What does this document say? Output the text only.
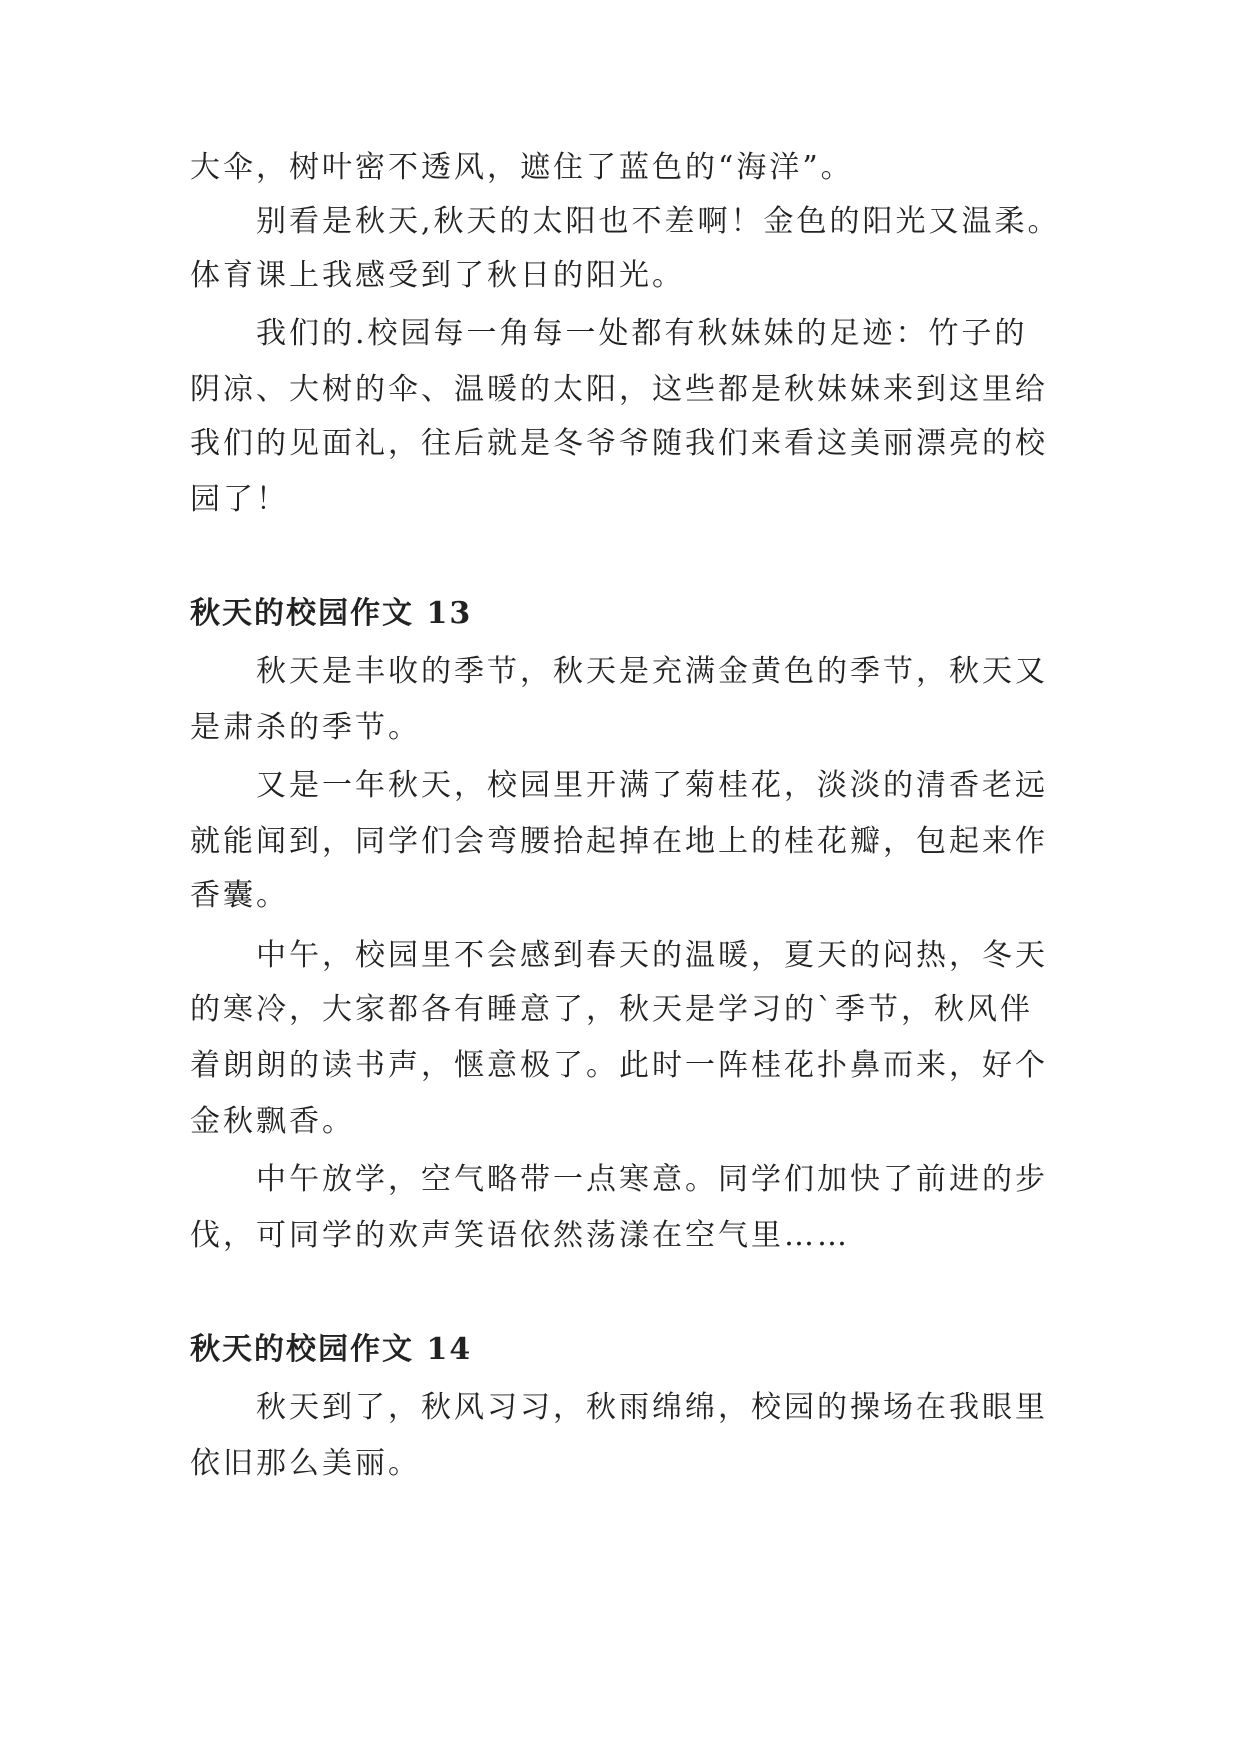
大伞，树叶密不透风，遮住了蓝色的“海洋”。

别看是秋天,秋天的太阳也不差啊！金色的阳光又温柔。

体育课上我感受到了秋日的阳光。

我们的.校园每一角每一处都有秋妹妹的足迹：竹子的

阴凉、大树的伞、温暖的太阳，这些都是秋妹妹来到这里给

我们的见面礼，往后就是冬爷爷随我们来看这美丽漂亮的校

园了！

秋天的校园作文 13

秋天是丰收的季节，秋天是充满金黄色的季节，秋天又

是肃杀的季节。

又是一年秋天，校园里开满了菊桂花，淡淡的清香老远

就能闻到，同学们会弯腰拾起掉在地上的桂花瓣，包起来作

香囊。

中午，校园里不会感到春天的温暖，夏天的闷热，冬天

的寒冷，大家都各有睡意了，秋天是学习的`季节，秋风伴

着朗朗的读书声，惬意极了。此时一阵桂花扑鼻而来，好个

金秋飘香。

中午放学，空气略带一点寒意。同学们加快了前进的步

伐，可同学的欢声笑语依然荡漾在空气里……

秋天的校园作文 14

秋天到了，秋风习习，秋雨绵绵，校园的操场在我眼里

依旧那么美丽。
